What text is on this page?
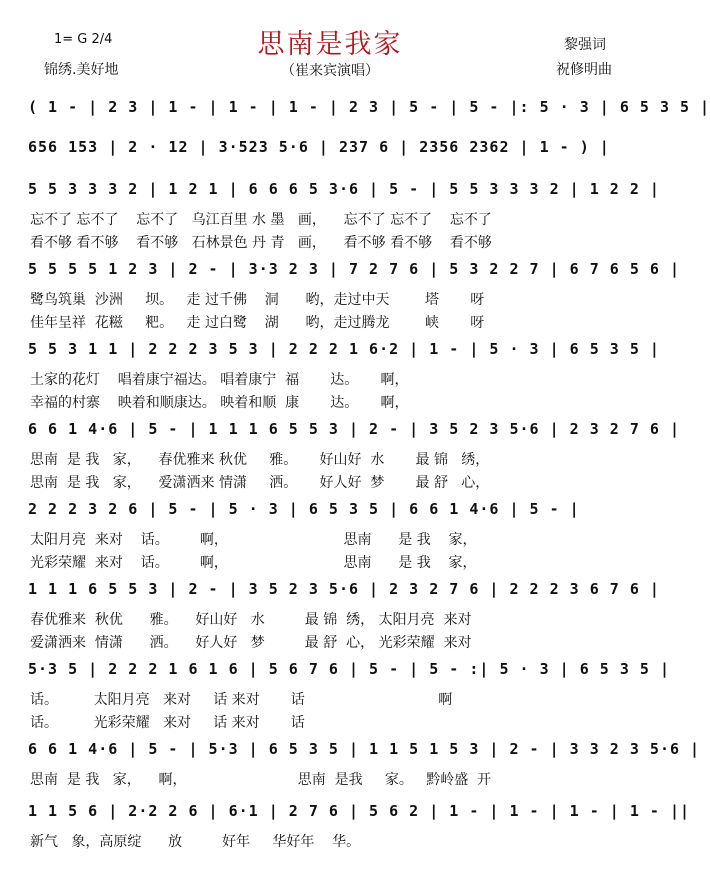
思南是我家
1= G 2/4
锦绣.美好地	（崔来宾演唱）
黎强词
祝修明曲
( 1 - | 2 3 | 1 - | 1 - | 1 - | 2 3 | 5 - | 5 - |: 5 · 3 | 6 5 3 5 |
656 153 | 2 · 12 | 3·523 5·6 | 237 6 | 2356 2362 | 1 - ) |
5 5 3 3 3 2 | 1 2 1 | 6 6 6 5 3·6 | 5 - | 5 5 3 3 3 2 | 1 2 2 |
忘不了 忘不了    忘不了   乌江百里 水 墨   画，    忘不了 忘不了    忘不了
看不够 看不够    看不够   石林景色 丹 青   画，    看不够 看不够    看不够
5 5 5 5 1 2 3 | 2 - | 3·3 2 3 | 7 2 7 6 | 5 3 2 2 7 | 6 7 6 5 6 |
鹭鸟筑巢  沙洲     坝。   走 过千佛    洞      哟，走过中天        塔       呀
佳年呈祥  花糍     粑。   走 过白鹭    湖      哟，走过腾龙        峡       呀
5 5 3 1 1 | 2 2 2 3 5 3 | 2 2 2 1 6·2 | 1 - | 5 · 3 | 6 5 3 5 |
土家的花灯    唱着康宁福达。 唱着康宁  福       达。     啊，
幸福的村寨    映着和顺康达。 映着和顺  康       达。     啊，
6 6 1 4·6 | 5 - | 1 1 1 6 5 5 3 | 2 - | 3 5 2 3 5·6 | 2 3 2 7 6 |
思南  是 我   家，    春优雅来 秋优     雅。     好山好  水       最 锦   绣，
思南  是 我   家，    爱潇洒来 情潇     洒。     好人好  梦       最 舒   心，
2 2 2 3 2 6 | 5 - | 5 · 3 | 6 5 3 5 | 6 6 1 4·6 | 5 - |
太阳月亮  来对    话。       啊，                          思南      是 我    家，
光彩荣耀  来对    话。       啊，                          思南      是 我    家，
1 1 1 6 5 5 3 | 2 - | 3 5 2 3 5·6 | 2 3 2 7 6 | 2 2 2 3 6 7 6 |
春优雅来  秋优      雅。    好山好   水         最 锦  绣， 太阳月亮  来对
爱潇洒来  情潇      洒。    好人好   梦         最 舒  心， 光彩荣耀  来对
5·3 5 | 2 2 2 1 6 1 6 | 5 6 7 6 | 5 - | 5 - :| 5 · 3 | 6 5 3 5 |
话。        太阳月亮   来对     话 来对       话                              啊
话。        光彩荣耀   来对     话 来对       话
6 6 1 4·6 | 5 - | 5·3 | 6 5 3 5 | 1 1 5 1 5 3 | 2 - | 3 3 2 3 5·6 |
思南  是 我   家，    啊，                         思南  是我     家。   黔岭盛  开
1 1 5 6 | 2·2 2 6 | 6·1 | 2 7 6 | 5 6 2 | 1 - | 1 - | 1 - | 1 - ||
新气   象，高原绽      放         好年     华好年    华。
